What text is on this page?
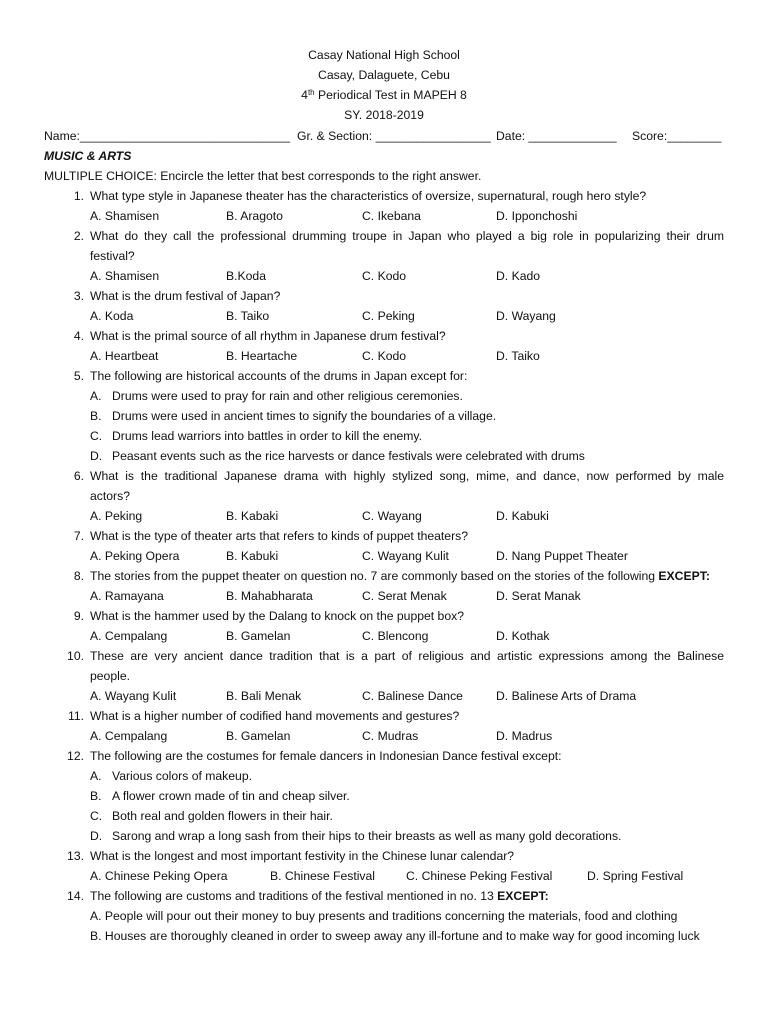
Casay National High School
Casay, Dalaguete, Cebu
4th Periodical Test in MAPEH 8
SY. 2018-2019
Name:_______________________________ Gr. & Section: _________________ Date: _____________ Score:________
MUSIC & ARTS
MULTIPLE CHOICE: Encircle the letter that best corresponds to the right answer.
1. What type style in Japanese theater has the characteristics of oversize, supernatural, rough hero style?
A. Shamisen	B. Aragoto	C. Ikebana	D. Ipponchoshi
2. What do they call the professional drumming troupe in Japan who played a big role in popularizing their drum
festival?
A. Shamisen	B.Koda	C. Kodo	D. Kado
3. What is the drum festival of Japan?
A. Koda	B. Taiko	C. Peking	D. Wayang
4. What is the primal source of all rhythm in Japanese drum festival?
A. Heartbeat	B. Heartache	C. Kodo	D. Taiko
5. The following are historical accounts of the drums in Japan except for:
A. Drums were used to pray for rain and other religious ceremonies.
B. Drums were used in ancient times to signify the boundaries of a village.
C. Drums lead warriors into battles in order to kill the enemy.
D. Peasant events such as the rice harvests or dance festivals were celebrated with drums
6. What is the traditional Japanese drama with highly stylized song, mime, and dance, now performed by male
actors?
A. Peking	B. Kabaki	C. Wayang	D. Kabuki
7. What is the type of theater arts that refers to kinds of puppet theaters?
A. Peking Opera	B. Kabuki	C. Wayang Kulit	D. Nang Puppet Theater
8. The stories from the puppet theater on question no. 7 are commonly based on the stories of the following EXCEPT:
A. Ramayana	B. Mahabharata	C. Serat Menak	D. Serat Manak
9. What is the hammer used by the Dalang to knock on the puppet box?
A. Cempalang	B. Gamelan	C. Blencong	D. Kothak
10. These are very ancient dance tradition that is a part of religious and artistic expressions among the Balinese
people.
A. Wayang Kulit	B. Bali Menak	C. Balinese Dance	D. Balinese Arts of Drama
11. What is a higher number of codified hand movements and gestures?
A. Cempalang	B. Gamelan	C. Mudras	D. Madrus
12. The following are the costumes for female dancers in Indonesian Dance festival except:
A. Various colors of makeup.
B. A flower crown made of tin and cheap silver.
C. Both real and golden flowers in their hair.
D. Sarong and wrap a long sash from their hips to their breasts as well as many gold decorations.
13. What is the longest and most important festivity in the Chinese lunar calendar?
A. Chinese Peking Opera	B. Chinese Festival	C. Chinese Peking Festival	D. Spring Festival
14. The following are customs and traditions of the festival mentioned in no. 13 EXCEPT:
A. People will pour out their money to buy presents and traditions concerning the materials, food and clothing
B. Houses are thoroughly cleaned in order to sweep away any ill-fortune and to make way for good incoming luck
